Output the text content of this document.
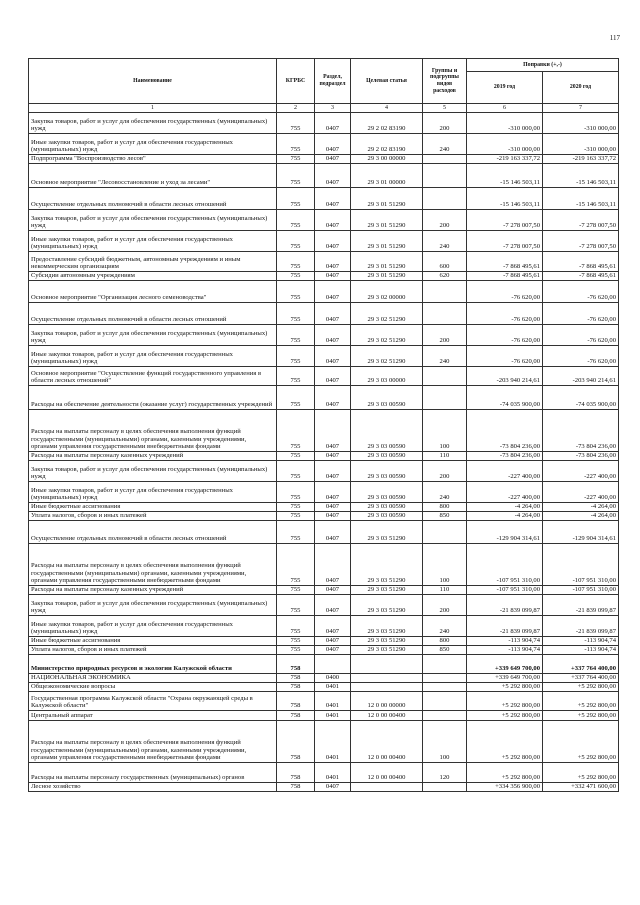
117
Наименование	КГРБС	Раздел, подраздел	Целевая статья	Группы и подгруппы видов расходов	Поправки (+,-)	
					2019 год	2020 год
1	2	3	4	5	6	7
Закупка товаров, работ и услуг для обеспечения государственных (муниципальных) нужд	755	0407	29 2 02 83190	200	-310 000,00	-310 000,00
Иные закупки товаров, работ и услуг для обеспечения государственных (муниципальных) нужд	755	0407	29 2 02 83190	240	-310 000,00	-310 000,00
Подпрограмма "Воспроизводство лесов"	755	0407	29 3 00 00000		-219 163 337,72	-219 163 337,72
Основное мероприятие "Лесовосстановление и уход за лесами"	755	0407	29 3 01 00000		-15 146 503,11	-15 146 503,11
Осуществление отдельных полномочий в области лесных отношений	755	0407	29 3 01 51290		-15 146 503,11	-15 146 503,11
Закупка товаров, работ и услуг для обеспечения государственных (муниципальных) нужд	755	0407	29 3 01 51290	200	-7 278 007,50	-7 278 007,50
Иные закупки товаров, работ и услуг для обеспечения государственных (муниципальных) нужд	755	0407	29 3 01 51290	240	-7 278 007,50	-7 278 007,50
Предоставление субсидий бюджетным, автономным учреждениям и иным некоммерческим организациям	755	0407	29 3 01 51290	600	-7 868 495,61	-7 868 495,61
Субсидии автономным учреждениям	755	0407	29 3 01 51290	620	-7 868 495,61	-7 868 495,61
Основное мероприятие "Организация лесного семеноводства"	755	0407	29 3 02 00000		-76 620,00	-76 620,00
Осуществление отдельных полномочий в области лесных отношений	755	0407	29 3 02 51290		-76 620,00	-76 620,00
Закупка товаров, работ и услуг для обеспечения государственных (муниципальных) нужд	755	0407	29 3 02 51290	200	-76 620,00	-76 620,00
Иные закупки товаров, работ и услуг для обеспечения государственных (муниципальных) нужд	755	0407	29 3 02 51290	240	-76 620,00	-76 620,00
Основное мероприятие "Осуществление функций государственного управления в области лесных отношений"	755	0407	29 3 03 00000		-203 940 214,61	-203 940 214,61
Расходы на обеспечение деятельности (оказание услуг) государственных учреждений	755	0407	29 3 03 00590		-74 035 900,00	-74 035 900,00
Расходы на выплаты персоналу в целях обеспечения выполнения функций государственными (муниципальными) органами, казенными учреждениями, органами управления государственными внебюджетными фондами	755	0407	29 3 03 00590	100	-73 804 236,00	-73 804 236,00
Расходы на выплаты персоналу казенных учреждений	755	0407	29 3 03 00590	110	-73 804 236,00	-73 804 236,00
Закупка товаров, работ и услуг для обеспечения государственных (муниципальных) нужд	755	0407	29 3 03 00590	200	-227 400,00	-227 400,00
Иные закупки товаров, работ и услуг для обеспечения государственных (муниципальных) нужд	755	0407	29 3 03 00590	240	-227 400,00	-227 400,00
Иные бюджетные ассигнования	755	0407	29 3 03 00590	800	-4 264,00	-4 264,00
Уплата налогов, сборов и иных платежей	755	0407	29 3 03 00590	850	-4 264,00	-4 264,00
Осуществление отдельных полномочий в области лесных отношений	755	0407	29 3 03 51290		-129 904 314,61	-129 904 314,61
Расходы на выплаты персоналу в целях обеспечения выполнения функций государственными (муниципальными) органами, казенными учреждениями, органами управления государственными внебюджетными фондами	755	0407	29 3 03 51290	100	-107 951 310,00	-107 951 310,00
Расходы на выплаты персоналу казенных учреждений	755	0407	29 3 03 51290	110	-107 951 310,00	-107 951 310,00
Закупка товаров, работ и услуг для обеспечения государственных (муниципальных) нужд	755	0407	29 3 03 51290	200	-21 839 099,87	-21 839 099,87
Иные закупки товаров, работ и услуг для обеспечения государственных (муниципальных) нужд	755	0407	29 3 03 51290	240	-21 839 099,87	-21 839 099,87
Иные бюджетные ассигнования	755	0407	29 3 03 51290	800	-113 904,74	-113 904,74
Уплата налогов, сборов и иных платежей	755	0407	29 3 03 51290	850	-113 904,74	-113 904,74
Министерство природных ресурсов и экологии Калужской области	758				+339 649 700,00	+337 764 400,00
НАЦИОНАЛЬНАЯ ЭКОНОМИКА	758	0400			+339 649 700,00	+337 764 400,00
Общеэкономические вопросы	758	0401			+5 292 800,00	+5 292 800,00
Государственная программа Калужской области "Охрана окружающей среды в Калужской области"	758	0401	12 0 00 00000		+5 292 800,00	+5 292 800,00
Центральный аппарат	758	0401	12 0 00 00400		+5 292 800,00	+5 292 800,00
Расходы на выплаты персоналу в целях обеспечения выполнения функций государственными (муниципальными) органами, казенными учреждениями, органами управления государственными внебюджетными фондами	758	0401	12 0 00 00400	100	+5 292 800,00	+5 292 800,00
Расходы на выплаты персоналу государственных (муниципальных) органов	758	0401	12 0 00 00400	120	+5 292 800,00	+5 292 800,00
Лесное хозяйство	758	0407			+334 356 900,00	+332 471 600,00
